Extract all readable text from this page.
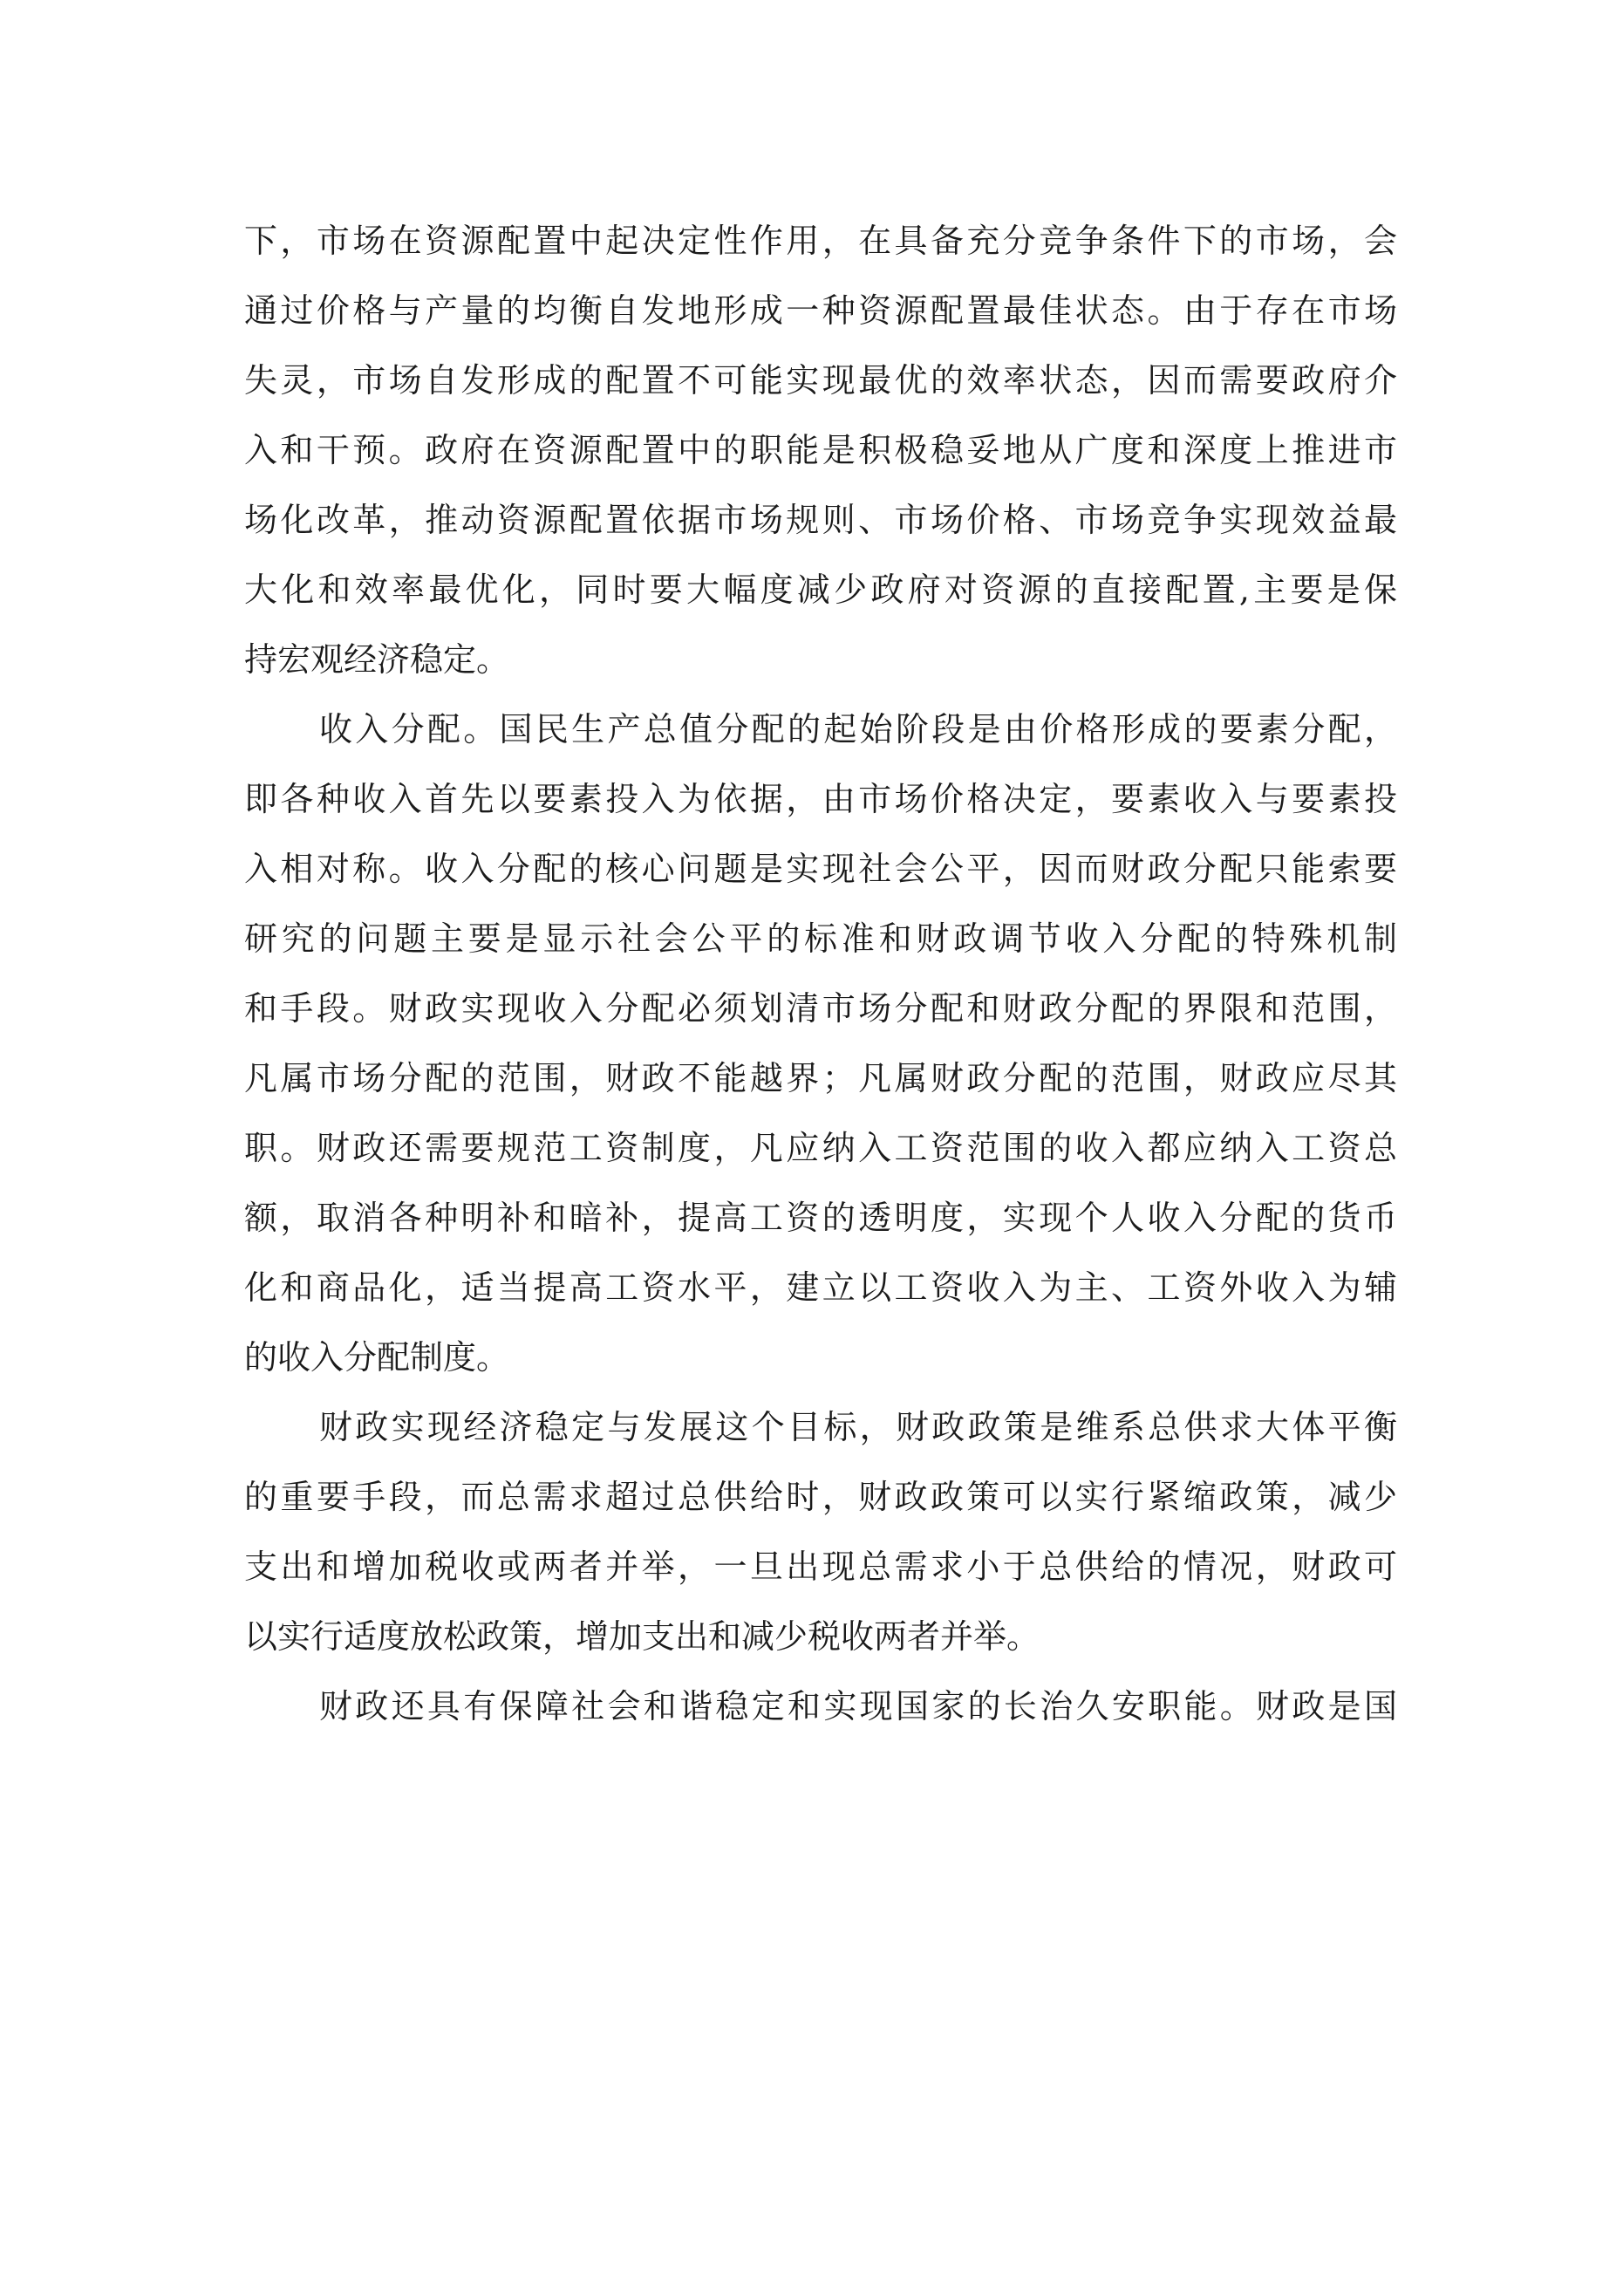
下，市场在资源配置中起决定性作用，在具备充分竞争条件下的市场，会
通过价格与产量的均衡自发地形成一种资源配置最佳状态。由于存在市场
失灵，市场自发形成的配置不可能实现最优的效率状态，因而需要政府介
入和干预。政府在资源配置中的职能是积极稳妥地从广度和深度上推进市
场化改革，推动资源配置依据市场规则、市场价格、市场竞争实现效益最
大化和效率最优化，同时要大幅度减少政府对资源的直接配置,主要是保
持宏观经济稳定。
收入分配。国民生产总值分配的起始阶段是由价格形成的要素分配，
即各种收入首先以要素投入为依据，由市场价格决定，要素收入与要素投
入相对称。收入分配的核心问题是实现社会公平，因而财政分配只能索要
研究的问题主要是显示社会公平的标准和财政调节收入分配的特殊机制
和手段。财政实现收入分配必须划清市场分配和财政分配的界限和范围，
凡属市场分配的范围，财政不能越界；凡属财政分配的范围，财政应尽其
职。财政还需要规范工资制度，凡应纳入工资范围的收入都应纳入工资总
额，取消各种明补和暗补，提高工资的透明度，实现个人收入分配的货币
化和商品化，适当提高工资水平，建立以工资收入为主、工资外收入为辅
的收入分配制度。
财政实现经济稳定与发展这个目标，财政政策是维系总供求大体平衡
的重要手段，而总需求超过总供给时，财政政策可以实行紧缩政策，减少
支出和增加税收或两者并举，一旦出现总需求小于总供给的情况，财政可
以实行适度放松政策，增加支出和减少税收两者并举。
财政还具有保障社会和谐稳定和实现国家的长治久安职能。财政是国
